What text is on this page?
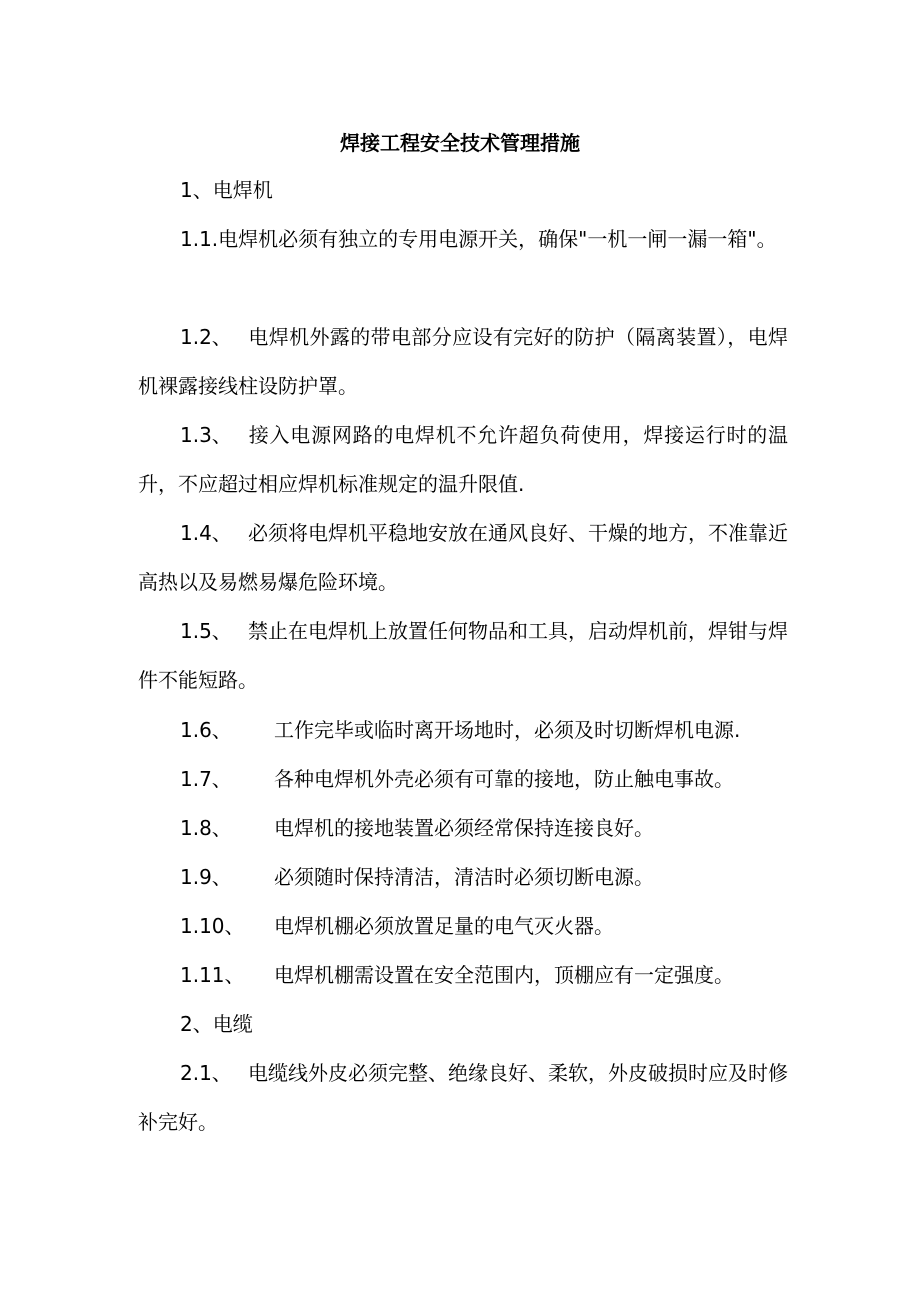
焊接工程安全技术管理措施
1、电焊机
1.1.电焊机必须有独立的专用电源开关，确保"一机一闸一漏一箱"。
1.2、 电焊机外露的带电部分应设有完好的防护（隔离装置），电焊机裸露接线柱设防护罩。
1.3、 接入电源网路的电焊机不允许超负荷使用，焊接运行时的温升，不应超过相应焊机标准规定的温升限值.
1.4、 必须将电焊机平稳地安放在通风良好、干燥的地方，不准靠近高热以及易燃易爆危险环境。
1.5、 禁止在电焊机上放置任何物品和工具，启动焊机前，焊钳与焊件不能短路。
1.6、 工作完毕或临时离开场地时，必须及时切断焊机电源.
1.7、 各种电焊机外壳必须有可靠的接地，防止触电事故。
1.8、 电焊机的接地装置必须经常保持连接良好。
1.9、 必须随时保持清洁，清洁时必须切断电源。
1.10、 电焊机棚必须放置足量的电气灭火器。
1.11、 电焊机棚需设置在安全范围内，顶棚应有一定强度。
2、电缆
2.1、 电缆线外皮必须完整、绝缘良好、柔软，外皮破损时应及时修补完好。
